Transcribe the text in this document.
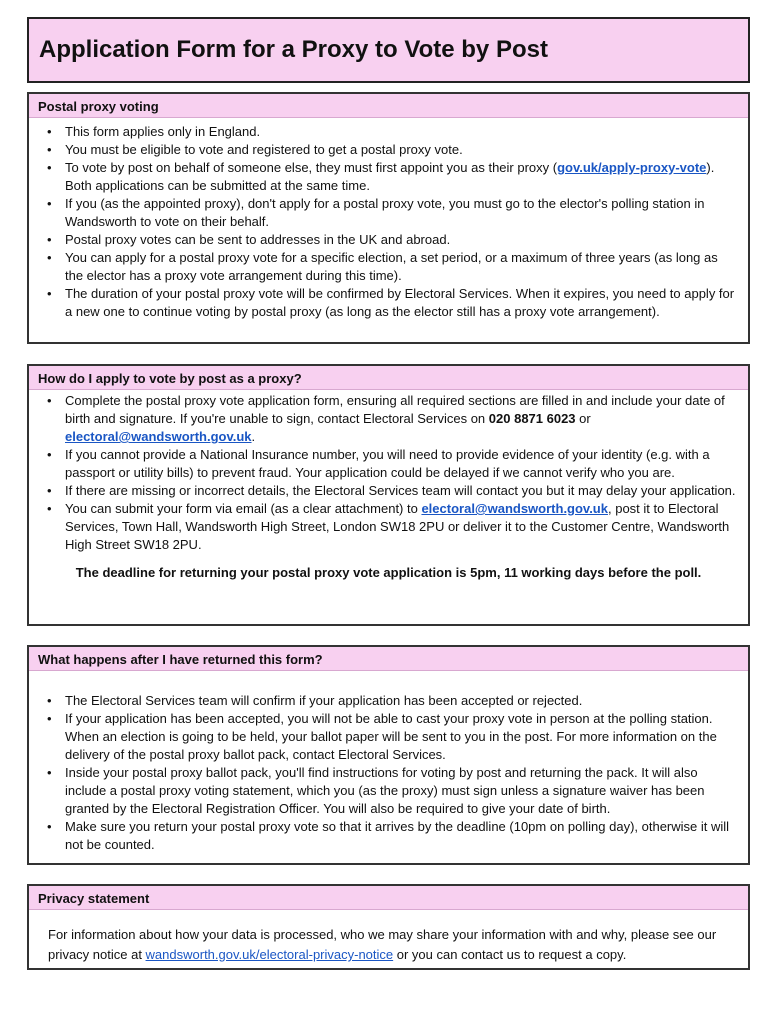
Application Form for a Proxy to Vote by Post
Postal proxy voting
• This form applies only in England.
• You must be eligible to vote and registered to get a postal proxy vote.
• To vote by post on behalf of someone else, they must first appoint you as their proxy (gov.uk/apply-proxy-vote). Both applications can be submitted at the same time.
• If you (as the appointed proxy), don't apply for a postal proxy vote, you must go to the elector's polling station in Wandsworth to vote on their behalf.
• Postal proxy votes can be sent to addresses in the UK and abroad.
• You can apply for a postal proxy vote for a specific election, a set period, or a maximum of three years (as long as the elector has a proxy vote arrangement during this time).
• The duration of your postal proxy vote will be confirmed by Electoral Services. When it expires, you need to apply for a new one to continue voting by postal proxy (as long as the elector still has a proxy vote arrangement).
How do I apply to vote by post as a proxy?
• Complete the postal proxy vote application form, ensuring all required sections are filled in and include your date of birth and signature. If you're unable to sign, contact Electoral Services on 020 8871 6023 or electoral@wandsworth.gov.uk.
• If you cannot provide a National Insurance number, you will need to provide evidence of your identity (e.g. with a passport or utility bills) to prevent fraud. Your application could be delayed if we cannot verify who you are.
• If there are missing or incorrect details, the Electoral Services team will contact you but it may delay your application.
• You can submit your form via email (as a clear attachment) to electoral@wandsworth.gov.uk, post it to Electoral Services, Town Hall, Wandsworth High Street, London SW18 2PU or deliver it to the Customer Centre, Wandsworth High Street SW18 2PU.
The deadline for returning your postal proxy vote application is 5pm, 11 working days before the poll.
What happens after I have returned this form?
• The Electoral Services team will confirm if your application has been accepted or rejected.
• If your application has been accepted, you will not be able to cast your proxy vote in person at the polling station. When an election is going to be held, your ballot paper will be sent to you in the post. For more information on the delivery of the postal proxy ballot pack, contact Electoral Services.
• Inside your postal proxy ballot pack, you'll find instructions for voting by post and returning the pack. It will also include a postal proxy voting statement, which you (as the proxy) must sign unless a signature waiver has been granted by the Electoral Registration Officer. You will also be required to give your date of birth.
• Make sure you return your postal proxy vote so that it arrives by the deadline (10pm on polling day), otherwise it will not be counted.
Privacy statement
For information about how your data is processed, who we may share your information with and why, please see our privacy notice at wandsworth.gov.uk/electoral-privacy-notice or you can contact us to request a copy.
